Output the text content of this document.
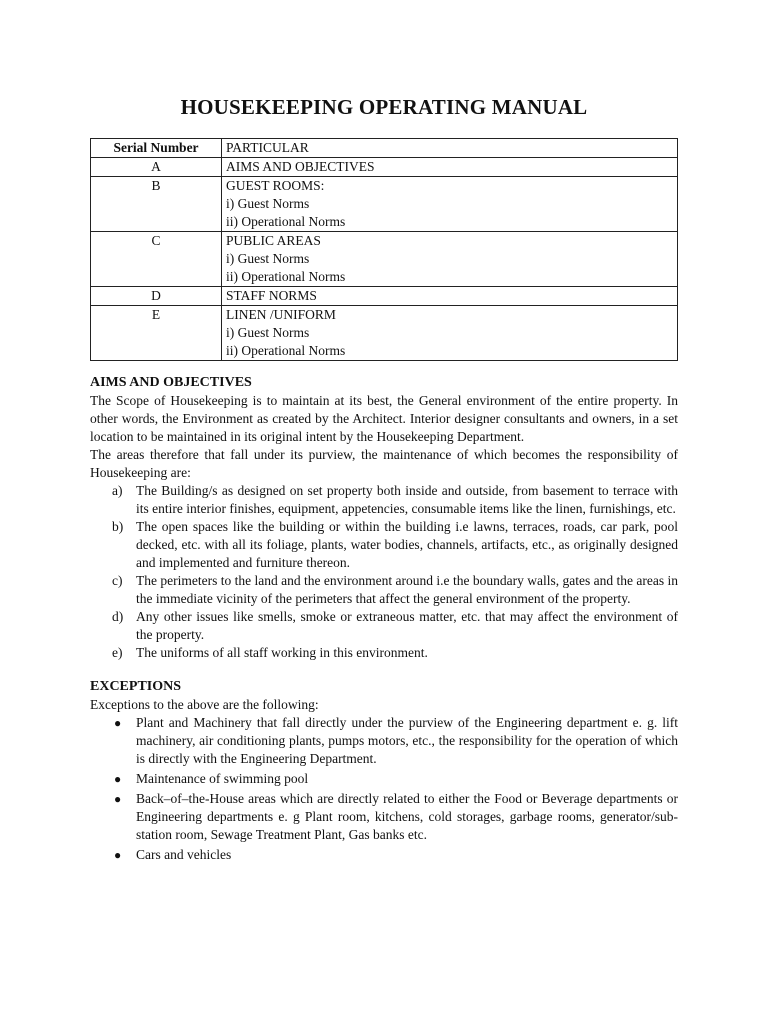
HOUSEKEEPING OPERATING MANUAL
Serial Number	PARTICULAR
A	AIMS AND OBJECTIVES

B	GUEST ROOMS:
i) Guest Norms
ii) Operational Norms

C	PUBLIC AREAS
i) Guest Norms
ii) Operational Norms

D	STAFF NORMS

E	LINEN /UNIFORM
i) Guest Norms
ii) Operational Norms
AIMS AND OBJECTIVES

The Scope of Housekeeping is to maintain at its best, the General environment of the entire property. In other words, the Environment as created by the Architect. Interior designer consultants and owners, in a set location to be maintained in its original intent by the Housekeeping Department.

The areas therefore that fall under its purview, the maintenance of which becomes the responsibility of Housekeeping are:

a) The Building/s as designed on set property both inside and outside, from basement to terrace with its entire interior finishes, equipment, appetencies, consumable items like the linen, furnishings, etc.
b) The open spaces like the building or within the building i.e lawns, terraces, roads, car park, pool decked, etc. with all its foliage, plants, water bodies, channels, artifacts, etc., as originally designed and implemented and furniture thereon.
c) The perimeters to the land and the environment around i.e the boundary walls, gates and the areas in the immediate vicinity of the perimeters that affect the general environment of the property.
d) Any other issues like smells, smoke or extraneous matter, etc. that may affect the environment of the property.
e) The uniforms of all staff working in this environment.
EXCEPTIONS

Exceptions to the above are the following:

● Plant and Machinery that fall directly under the purview of the Engineering department e. g. lift machinery, air conditioning plants, pumps motors, etc., the responsibility for the operation of which is directly with the Engineering Department.
● Maintenance of swimming pool
● Back–of–the-House areas which are directly related to either the Food or Beverage departments or Engineering departments e. g Plant room, kitchens, cold storages, garbage rooms, generator/sub-station room, Sewage Treatment Plant, Gas banks etc.
● Cars and vehicles
